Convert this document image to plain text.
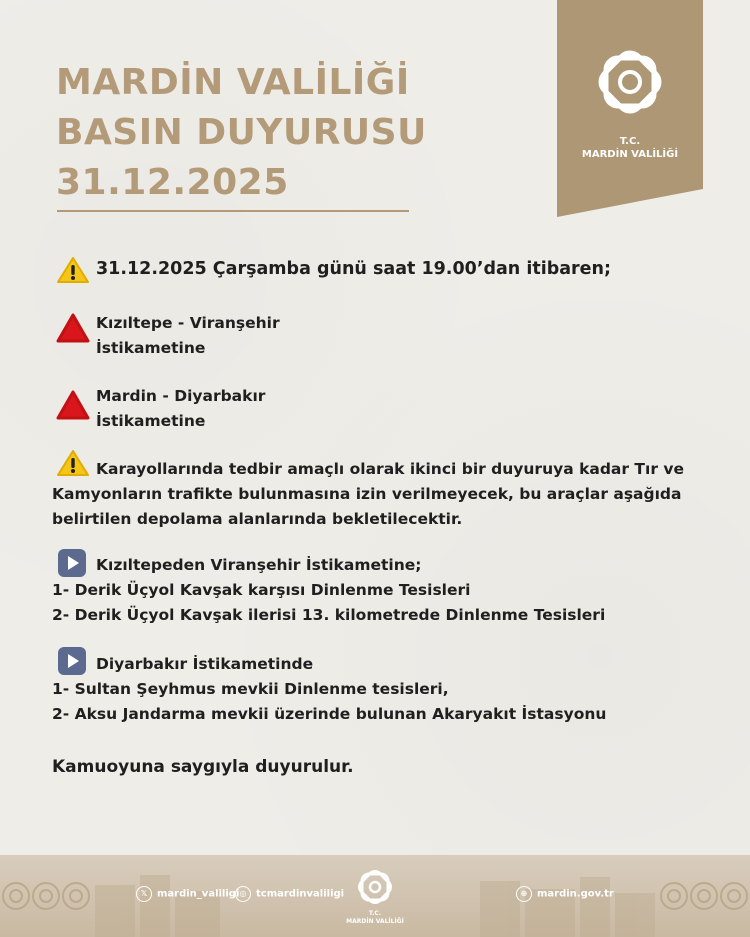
MARDİN VALİLİĞİ
BASIN DUYURUSU
31.12.2025
T.C.
MARDİN VALİLİĞİ
31.12.2025 Çarşamba günü saat 19.00’dan itibaren;
Kızıltepe - Viranşehir
İstikametine
Mardin - Diyarbakır
İstikametine
Karayollarında tedbir amaçlı olarak ikinci bir duyuruya kadar Tır ve
Kamyonların trafikte bulunmasına izin verilmeyecek, bu araçlar aşağıda
belirtilen depolama alanlarında bekletilecektir.
Kızıltepeden Viranşehir İstikametine;
1- Derik Üçyol Kavşak karşısı Dinlenme Tesisleri
2- Derik Üçyol Kavşak ilerisi 13. kilometrede Dinlenme Tesisleri
Diyarbakır İstikametinde
1- Sultan Şeyhmus mevkii Dinlenme tesisleri,
2- Aksu Jandarma mevkii üzerinde bulunan Akaryakıt İstasyonu
Kamuoyuna saygıyla duyurulur.
𝕏 mardin_valiligi ◎ tcmardinvaliligi
T.C.
MARDİN VALİLİĞİ
⊕ mardin.gov.tr
